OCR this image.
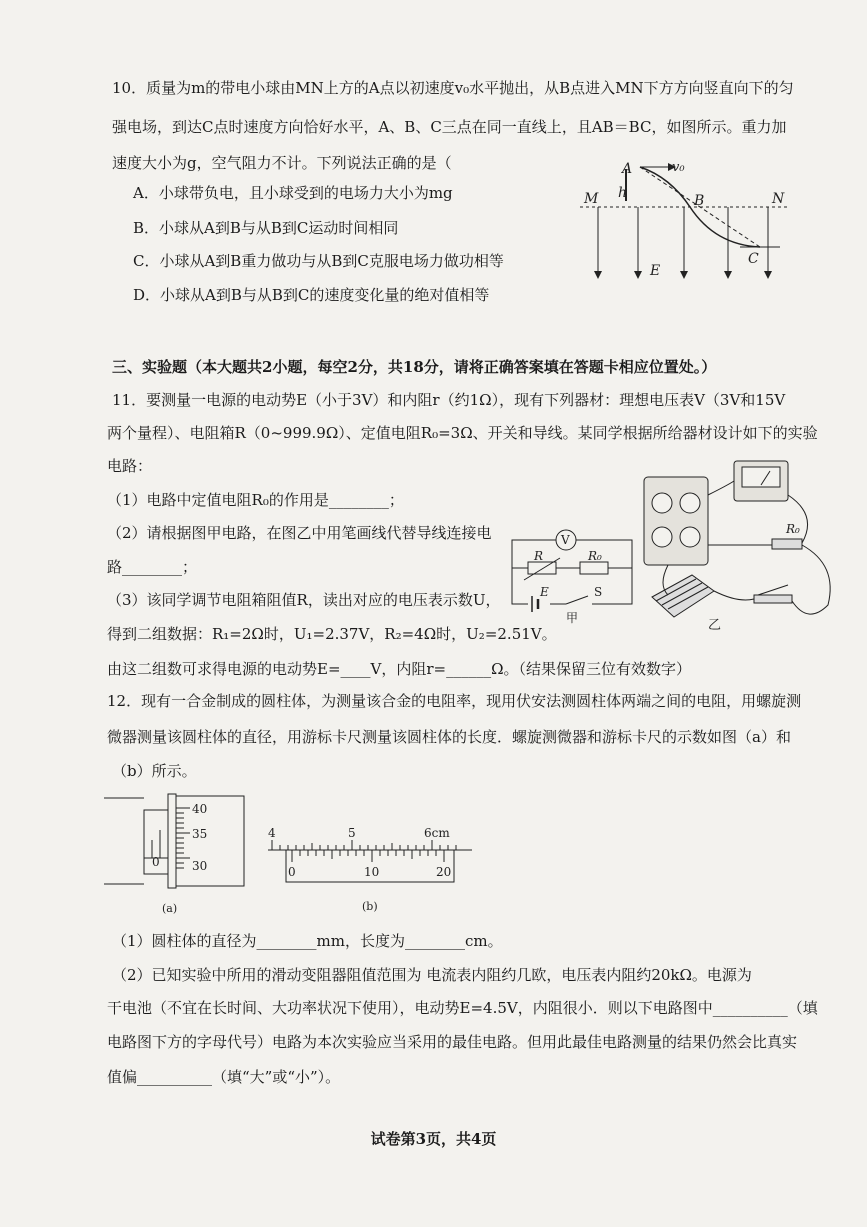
10．质量为m的带电小球由MN上方的A点以初速度v₀水平抛出，从B点进入MN下方方向竖直向下的匀
强电场，到达C点时速度方向恰好水平，A、B、C三点在同一直线上，且AB＝BC，如图所示。重力加
速度大小为g，空气阻力不计。下列说法正确的是（
A．小球带负电，且小球受到的电场力大小为mg
B．小球从A到B与从B到C运动时间相同
C．小球从A到B重力做功与从B到C克服电场力做功相等
D．小球从A到B与从B到C的速度变化量的绝对值相等
A	v₀
h
M	N
B
E
C
三、实验题（本大题共2小题，每空2分，共18分，请将正确答案填在答题卡相应位置处。）
11．要测量一电源的电动势E（小于3V）和内阻r（约1Ω），现有下列器材：理想电压表V（3V和15V
两个量程）、电阻箱R（0~999.9Ω）、定值电阻R₀=3Ω、开关和导线。某同学根据所给器材设计如下的实验
电路：
（1）电路中定值电阻R₀的作用是________；
（2）请根据图甲电路，在图乙中用笔画线代替导线连接电
路________；
（3）该同学调节电阻箱阻值R，读出对应的电压表示数U，
得到二组数据：R₁=2Ω时，U₁=2.37V，R₂=4Ω时，U₂=2.51V。
由这二组数可求得电源的电动势E=____V，内阻r=______Ω。（结果保留三位有效数字）
V
R	R₀
E	S
甲
R₀
乙
12．现有一合金制成的圆柱体，为测量该合金的电阻率，现用伏安法测圆柱体两端之间的电阻，用螺旋测
微器测量该圆柱体的直径，用游标卡尺测量该圆柱体的长度．螺旋测微器和游标卡尺的示数如图（a）和
（b）所示。
40
35
30
0
(a)
4	5	6cm
0	10	20
(b)
（1）圆柱体的直径为________mm，长度为________cm。
（2）已知实验中所用的滑动变阻器阻值范围为 电流表内阻约几欧，电压表内阻约20kΩ。电源为
干电池（不宜在长时间、大功率状况下使用），电动势E=4.5V，内阻很小．则以下电路图中__________（填
电路图下方的字母代号）电路为本次实验应当采用的最佳电路。但用此最佳电路测量的结果仍然会比真实
值偏__________（填“大”或“小”）。
试卷第3页，共4页
